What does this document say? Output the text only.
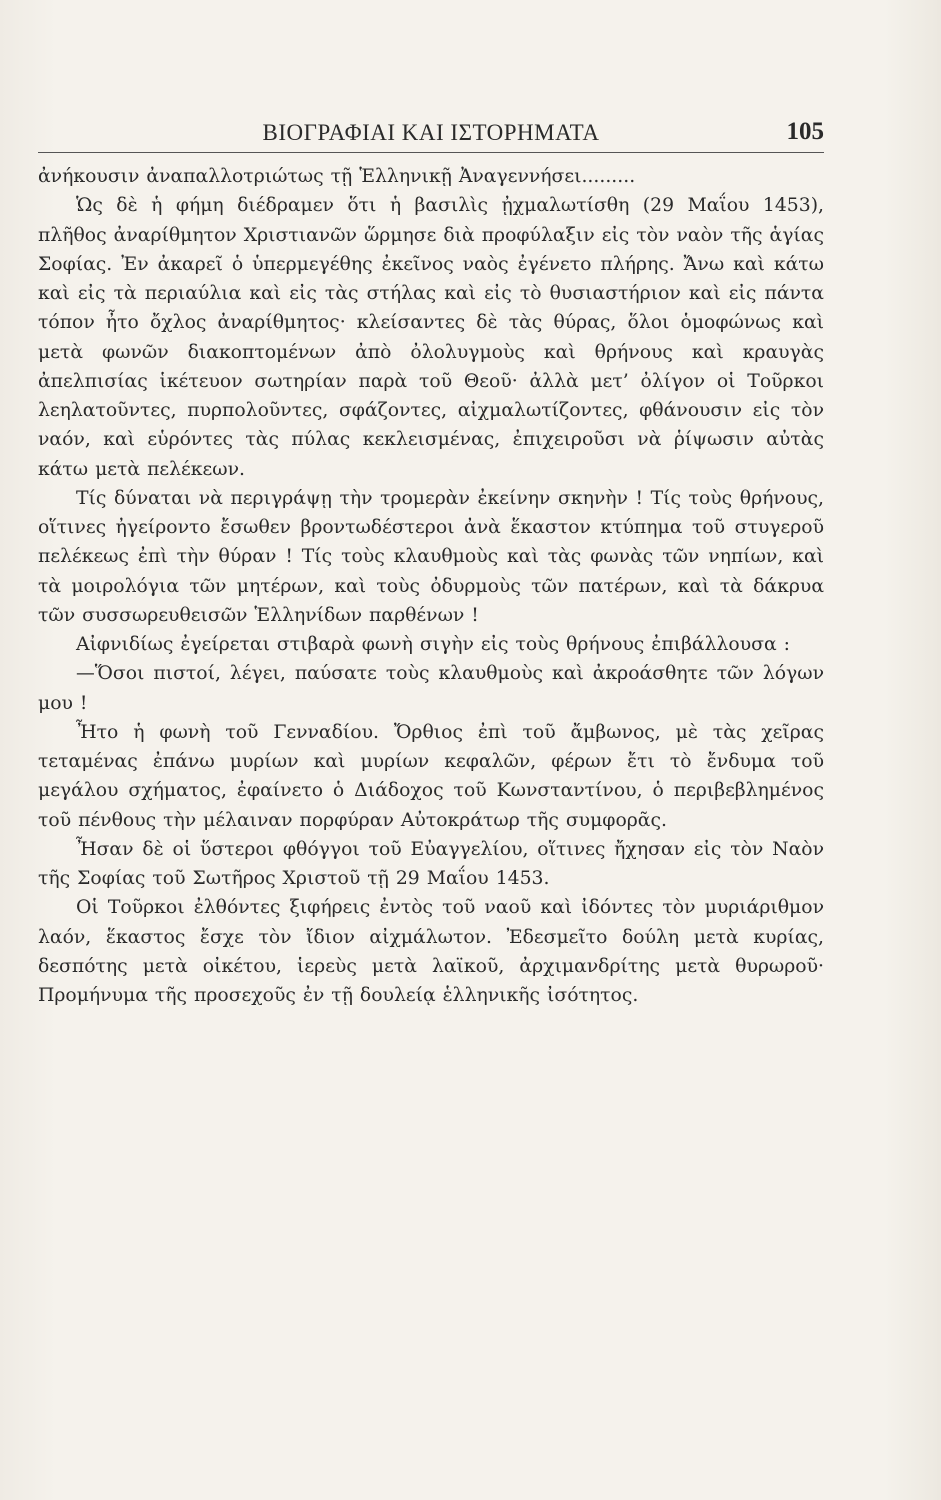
ΒΙΟΓΡΑΦΙΑΙ ΚΑΙ ΙΣΤΟΡΗΜΑΤΑ	105

ἀνήκουσιν ἀναπαλλοτριώτως τῇ Ἑλληνικῇ Ἀναγεννήσει.........

Ὡς δὲ ἡ φήμη διέδραμεν ὅτι ἡ βασιλὶς ᾐχμαλωτίσθη (29 Μαΐου 1453), πλῆθος ἀναρίθμητον Χριστιανῶν ὥρμησε διὰ προφύλαξιν εἰς τὸν ναὸν τῆς ἁγίας Σοφίας. Ἐν ἀκαρεῖ ὁ ὑπερμεγέθης ἐκεῖνος ναὸς ἐγένετο πλήρης. Ἄνω καὶ κάτω καὶ εἰς τὰ περιαύλια καὶ εἰς τὰς στήλας καὶ εἰς τὸ θυσιαστήριον καὶ εἰς πάντα τόπον ἦτο ὄχλος ἀναρίθμητος· κλείσαντες δὲ τὰς θύρας, ὅλοι ὁμοφώνως καὶ μετὰ φωνῶν διακοπτομένων ἀπὸ ὀλολυγμοὺς καὶ θρήνους καὶ κραυγὰς ἀπελπισίας ἱκέτευον σωτηρίαν παρὰ τοῦ Θεοῦ· ἀλλὰ μετ’ ὀλίγον οἱ Τοῦρκοι λεηλατοῦντες, πυρπολοῦντες, σφάζοντες, αἰχμαλωτίζοντες, φθάνουσιν εἰς τὸν ναόν, καὶ εὑρόντες τὰς πύλας κεκλεισμένας, ἐπιχειροῦσι νὰ ῥίψωσιν αὐτὰς κάτω μετὰ πελέκεων.

Τίς δύναται νὰ περιγράψῃ τὴν τρομερὰν ἐκείνην σκηνὴν ! Τίς τοὺς θρήνους, οἵτινες ἠγείροντο ἔσωθεν βροντωδέστεροι ἀνὰ ἕκαστον κτύπημα τοῦ στυγεροῦ πελέκεως ἐπὶ τὴν θύραν ! Τίς τοὺς κλαυθμοὺς καὶ τὰς φωνὰς τῶν νηπίων, καὶ τὰ μοιρολόγια τῶν μητέρων, καὶ τοὺς ὀδυρμοὺς τῶν πατέρων, καὶ τὰ δάκρυα τῶν συσσωρευθεισῶν Ἑλληνίδων παρθένων !

Αἰφνιδίως ἐγείρεται στιβαρὰ φωνὴ σιγὴν εἰς τοὺς θρήνους ἐπιβάλλουσα :

—Ὅσοι πιστοί, λέγει, παύσατε τοὺς κλαυθμοὺς καὶ ἀκροάσθητε τῶν λόγων μου !

Ἦτο ἡ φωνὴ τοῦ Γενναδίου. Ὄρθιος ἐπὶ τοῦ ἄμβωνος, μὲ τὰς χεῖρας τεταμένας ἐπάνω μυρίων καὶ μυρίων κεφαλῶν, φέρων ἔτι τὸ ἔνδυμα τοῦ μεγάλου σχήματος, ἐφαίνετο ὁ Διάδοχος τοῦ Κωνσταντίνου, ὁ περιβεβλημένος τοῦ πένθους τὴν μέλαιναν πορφύραν Αὐτοκράτωρ τῆς συμφορᾶς.

Ἦσαν δὲ οἱ ὕστεροι φθόγγοι τοῦ Εὐαγγελίου, οἵτινες ἤχησαν εἰς τὸν Ναὸν τῆς Σοφίας τοῦ Σωτῆρος Χριστοῦ τῇ 29 Μαΐου 1453.

Οἱ Τοῦρκοι ἐλθόντες ξιφήρεις ἐντὸς τοῦ ναοῦ καὶ ἰδόντες τὸν μυριάριθμον λαόν, ἕκαστος ἔσχε τὸν ἴδιον αἰχμάλωτον. Ἐδεσμεῖτο δούλη μετὰ κυρίας, δεσπότης μετὰ οἰκέτου, ἱερεὺς μετὰ λαϊκοῦ, ἀρχιμανδρίτης μετὰ θυρωροῦ· Προμήνυμα τῆς προσεχοῦς ἐν τῇ δουλείᾳ ἑλληνικῆς ἰσότητος.
